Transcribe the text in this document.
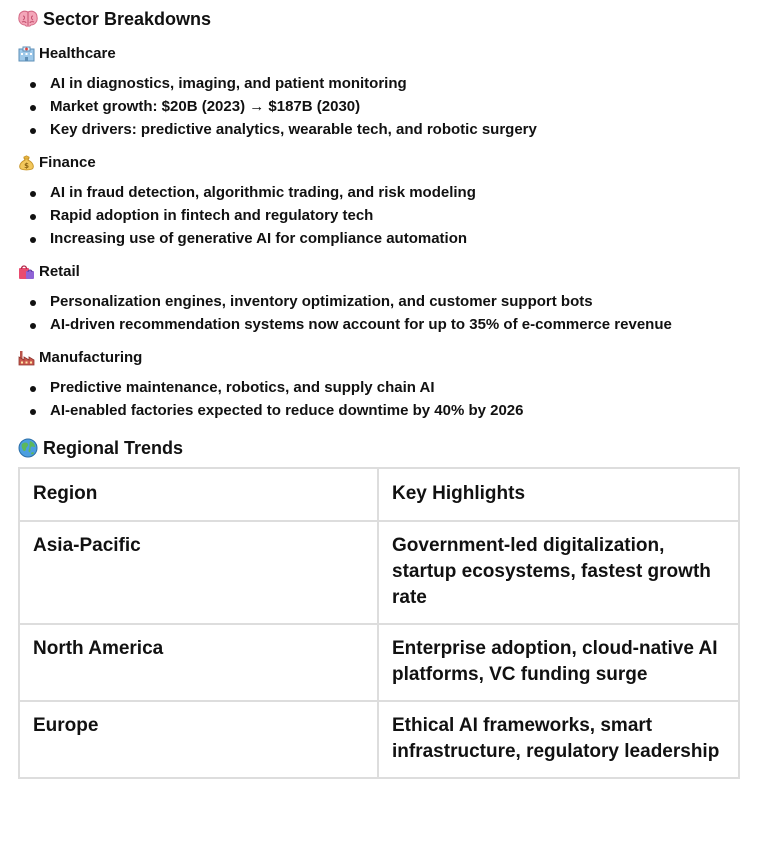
Sector Breakdowns
Healthcare
AI in diagnostics, imaging, and patient monitoring
Market growth: $20B (2023) → $187B (2030)
Key drivers: predictive analytics, wearable tech, and robotic surgery
$ Finance
AI in fraud detection, algorithmic trading, and risk modeling
Rapid adoption in fintech and regulatory tech
Increasing use of generative AI for compliance automation
Retail
Personalization engines, inventory optimization, and customer support bots
AI-driven recommendation systems now account for up to 35% of e-commerce revenue
Manufacturing
Predictive maintenance, robotics, and supply chain AI
AI-enabled factories expected to reduce downtime by 40% by 2026
Regional Trends
Region	Key Highlights
Asia-Pacific	Government-led digitalization, startup ecosystems, fastest growth rate
North America	Enterprise adoption, cloud-native AI platforms, VC funding surge
Europe	Ethical AI frameworks, smart infrastructure, regulatory leadership
